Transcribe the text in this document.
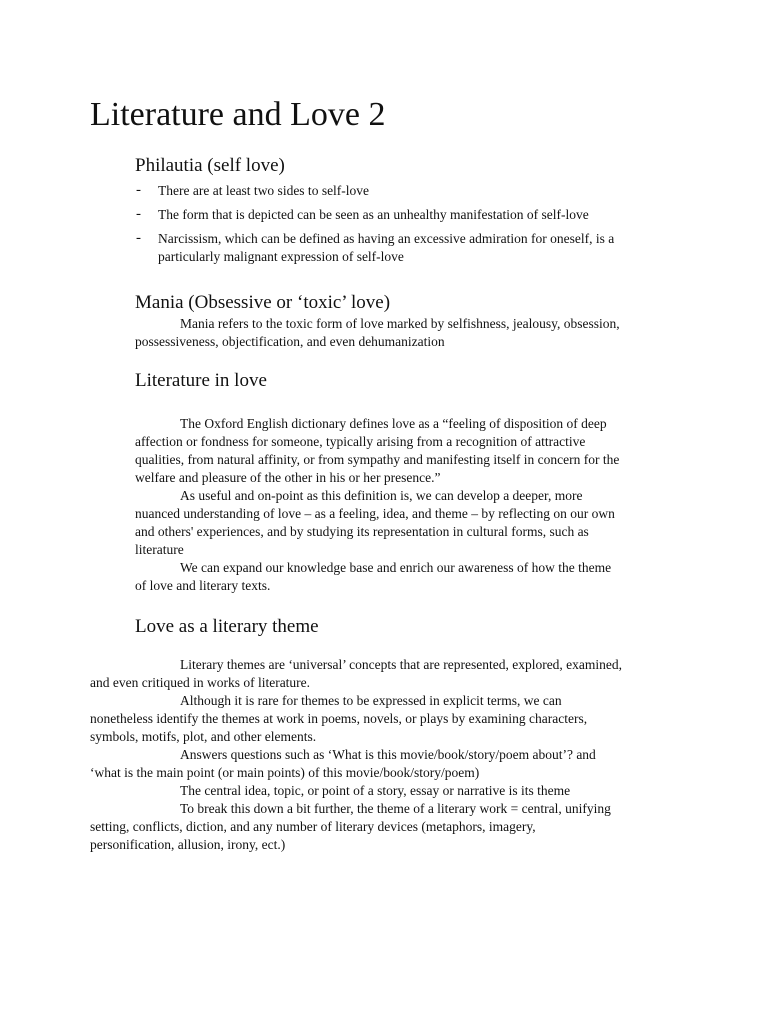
Literature and Love 2
Philautia (self love)
- There are at least two sides to self-love

- The form that is depicted can be seen as an unhealthy manifestation of self-love

- Narcissism, which can be defined as having an excessive admiration for oneself, is a

particularly malignant expression of self-love

Mania (Obsessive or ‘toxic’ love)

Mania refers to the toxic form of love marked by selfishness, jealousy, obsession,

possessiveness, objectification, and even dehumanization

Literature in love

The Oxford English dictionary defines love as a “feeling of disposition of deep

affection or fondness for someone, typically arising from a recognition of attractive

qualities, from natural affinity, or from sympathy and manifesting itself in concern for the

welfare and pleasure of the other in his or her presence.”

As useful and on-point as this definition is, we can develop a deeper, more

nuanced understanding of love – as a feeling, idea, and theme – by reflecting on our own

and others' experiences, and by studying its representation in cultural forms, such as

literature

We can expand our knowledge base and enrich our awareness of how the theme

of love and literary texts.

Love as a literary theme

Literary themes are ‘universal’ concepts that are represented, explored, examined,

and even critiqued in works of literature.

Although it is rare for themes to be expressed in explicit terms, we can

nonetheless identify the themes at work in poems, novels, or plays by examining characters,

symbols, motifs, plot, and other elements.

Answers questions such as ‘What is this movie/book/story/poem about’? and

‘what is the main point (or main points) of this movie/book/story/poem)

The central idea, topic, or point of a story, essay or narrative is its theme

To break this down a bit further, the theme of a literary work = central, unifying

setting, conflicts, diction, and any number of literary devices (metaphors, imagery,

personification, allusion, irony, ect.)
